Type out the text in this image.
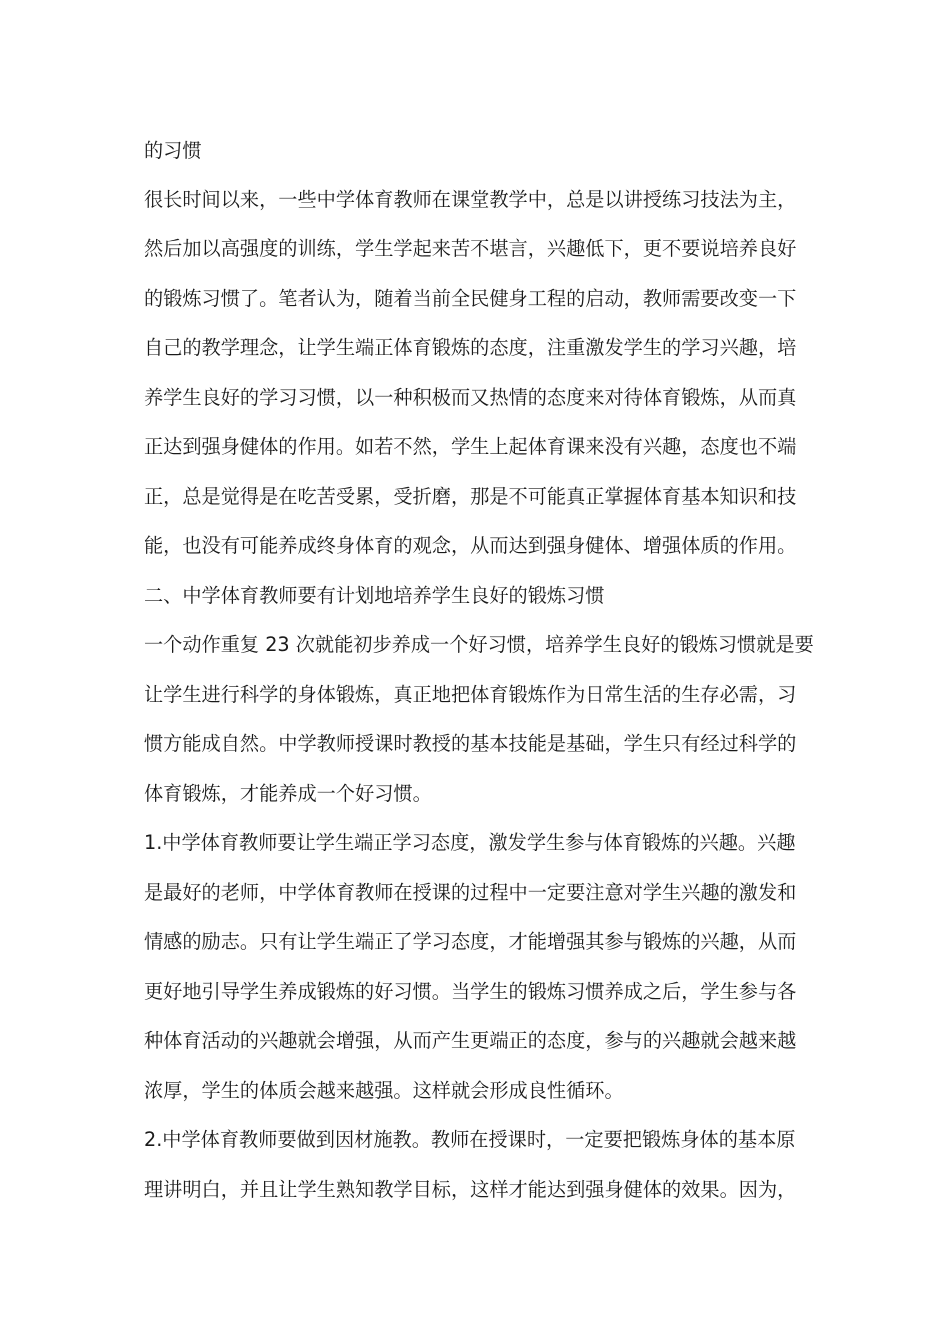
的习惯
很长时间以来，一些中学体育教师在课堂教学中，总是以讲授练习技法为主，
然后加以高强度的训练，学生学起来苦不堪言，兴趣低下，更不要说培养良好
的锻炼习惯了。笔者认为，随着当前全民健身工程的启动，教师需要改变一下
自己的教学理念，让学生端正体育锻炼的态度，注重激发学生的学习兴趣，培
养学生良好的学习习惯，以一种积极而又热情的态度来对待体育锻炼，从而真
正达到强身健体的作用。如若不然，学生上起体育课来没有兴趣，态度也不端
正，总是觉得是在吃苦受累，受折磨，那是不可能真正掌握体育基本知识和技
能，也没有可能养成终身体育的观念，从而达到强身健体、增强体质的作用。
二、中学体育教师要有计划地培养学生良好的锻炼习惯
一个动作重复 23 次就能初步养成一个好习惯，培养学生良好的锻炼习惯就是要
让学生进行科学的身体锻炼，真正地把体育锻炼作为日常生活的生存必需，习
惯方能成自然。中学教师授课时教授的基本技能是基础，学生只有经过科学的
体育锻炼，才能养成一个好习惯。
1.中学体育教师要让学生端正学习态度，激发学生参与体育锻炼的兴趣。兴趣
是最好的老师，中学体育教师在授课的过程中一定要注意对学生兴趣的激发和
情感的励志。只有让学生端正了学习态度，才能增强其参与锻炼的兴趣，从而
更好地引导学生养成锻炼的好习惯。当学生的锻炼习惯养成之后，学生参与各
种体育活动的兴趣就会增强，从而产生更端正的态度，参与的兴趣就会越来越
浓厚，学生的体质会越来越强。这样就会形成良性循环。
2.中学体育教师要做到因材施教。教师在授课时，一定要把锻炼身体的基本原
理讲明白，并且让学生熟知教学目标，这样才能达到强身健体的效果。因为，
